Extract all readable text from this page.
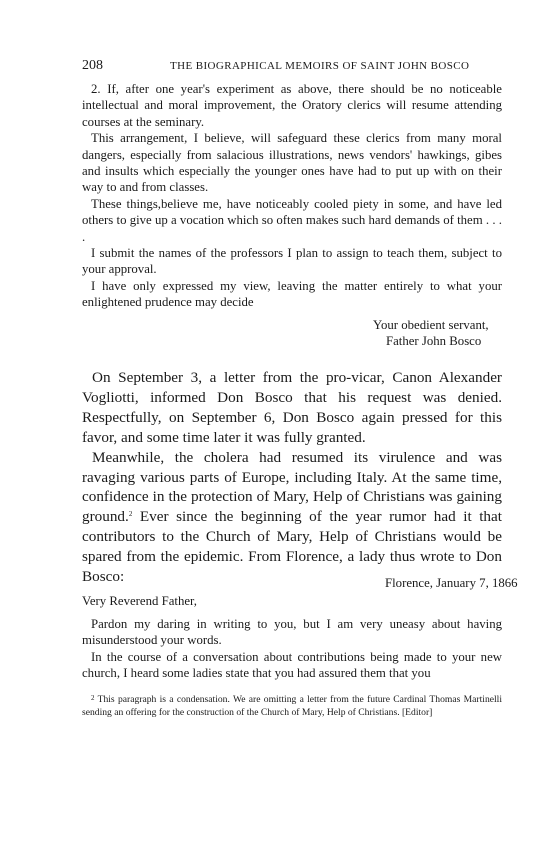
208	THE BIOGRAPHICAL MEMOIRS OF SAINT JOHN BOSCO

2. If, after one year's experiment as above, there should be no noticeable intellectual and moral improvement, the Oratory clerics will resume attending courses at the seminary.

This arrangement, I believe, will safeguard these clerics from many moral dangers, especially from salacious illustrations, news vendors' hawkings, gibes and insults which especially the younger ones have had to put up with on their way to and from classes.

These things,believe me, have noticeably cooled piety in some, and have led others to give up a vocation which so often makes such hard demands of them . . . .

I submit the names of the professors I plan to assign to teach them, subject to your approval.

I have only expressed my view, leaving the matter entirely to what your enlightened prudence may decide

Your obedient servant,
Father John Bosco

On September 3, a letter from the pro-vicar, Canon Alexander Vogliotti, informed Don Bosco that his request was denied. Respectfully, on September 6, Don Bosco again pressed for this favor, and some time later it was fully granted.

Meanwhile, the cholera had resumed its virulence and was ravaging various parts of Europe, including Italy. At the same time, confidence in the protection of Mary, Help of Christians was gaining ground.$^2$ Ever since the beginning of the year rumor had it that contributors to the Church of Mary, Help of Christians would be spared from the epidemic. From Florence, a lady thus wrote to Don Bosco:	Florence, January 7, 1866
Very Reverend Father,

Pardon my daring in writing to you, but I am very uneasy about having misunderstood your words.

In the course of a conversation about contributions being made to your new church, I heard some ladies state that you had assured them that you

$^2$ This paragraph is a condensation. We are omitting a letter from the future Cardinal Thomas Martinelli sending an offering for the construction of the Church of Mary, Help of Christians. [Editor]
